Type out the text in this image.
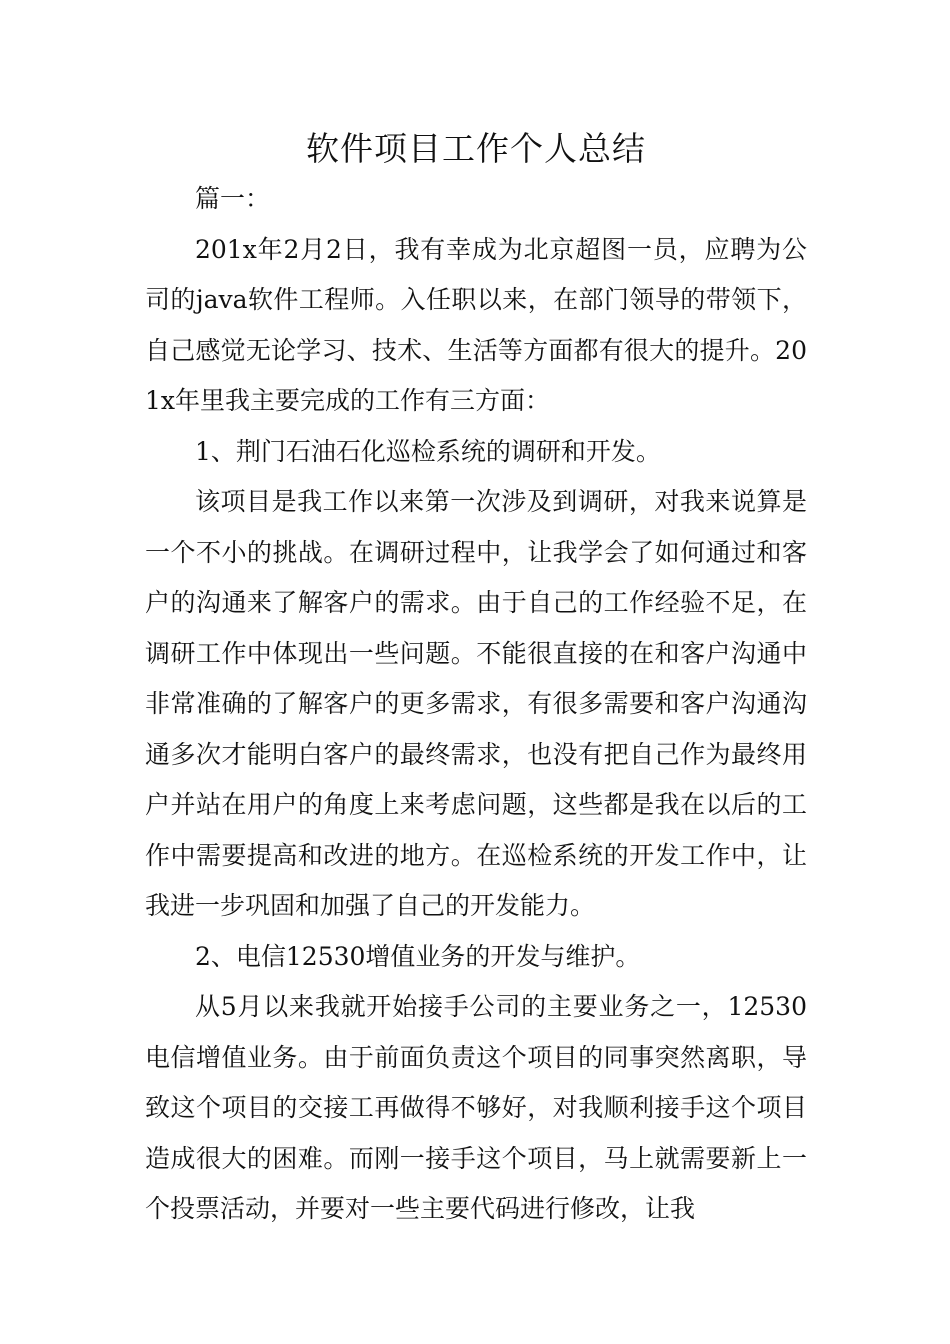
软件项目工作个人总结

篇一：

201x年2月2日，我有幸成为北京超图一员，应聘为公司的java软件工程师。入任职以来，在部门领导的带领下，自己感觉无论学习、技术、生活等方面都有很大的提升。201x年里我主要完成的工作有三方面：

1、荆门石油石化巡检系统的调研和开发。

该项目是我工作以来第一次涉及到调研，对我来说算是一个不小的挑战。在调研过程中，让我学会了如何通过和客户的沟通来了解客户的需求。由于自己的工作经验不足，在调研工作中体现出一些问题。不能很直接的在和客户沟通中非常准确的了解客户的更多需求，有很多需要和客户沟通沟通多次才能明白客户的最终需求，也没有把自己作为最终用户并站在用户的角度上来考虑问题，这些都是我在以后的工作中需要提高和改进的地方。在巡检系统的开发工作中，让我进一步巩固和加强了自己的开发能力。

2、电信12530增值业务的开发与维护。

从5月以来我就开始接手公司的主要业务之一，12530电信增值业务。由于前面负责这个项目的同事突然离职，导致这个项目的交接工再做得不够好，对我顺利接手这个项目造成很大的困难。而刚一接手这个项目，马上就需要新上一个投票活动，并要对一些主要代码进行修改，让我
